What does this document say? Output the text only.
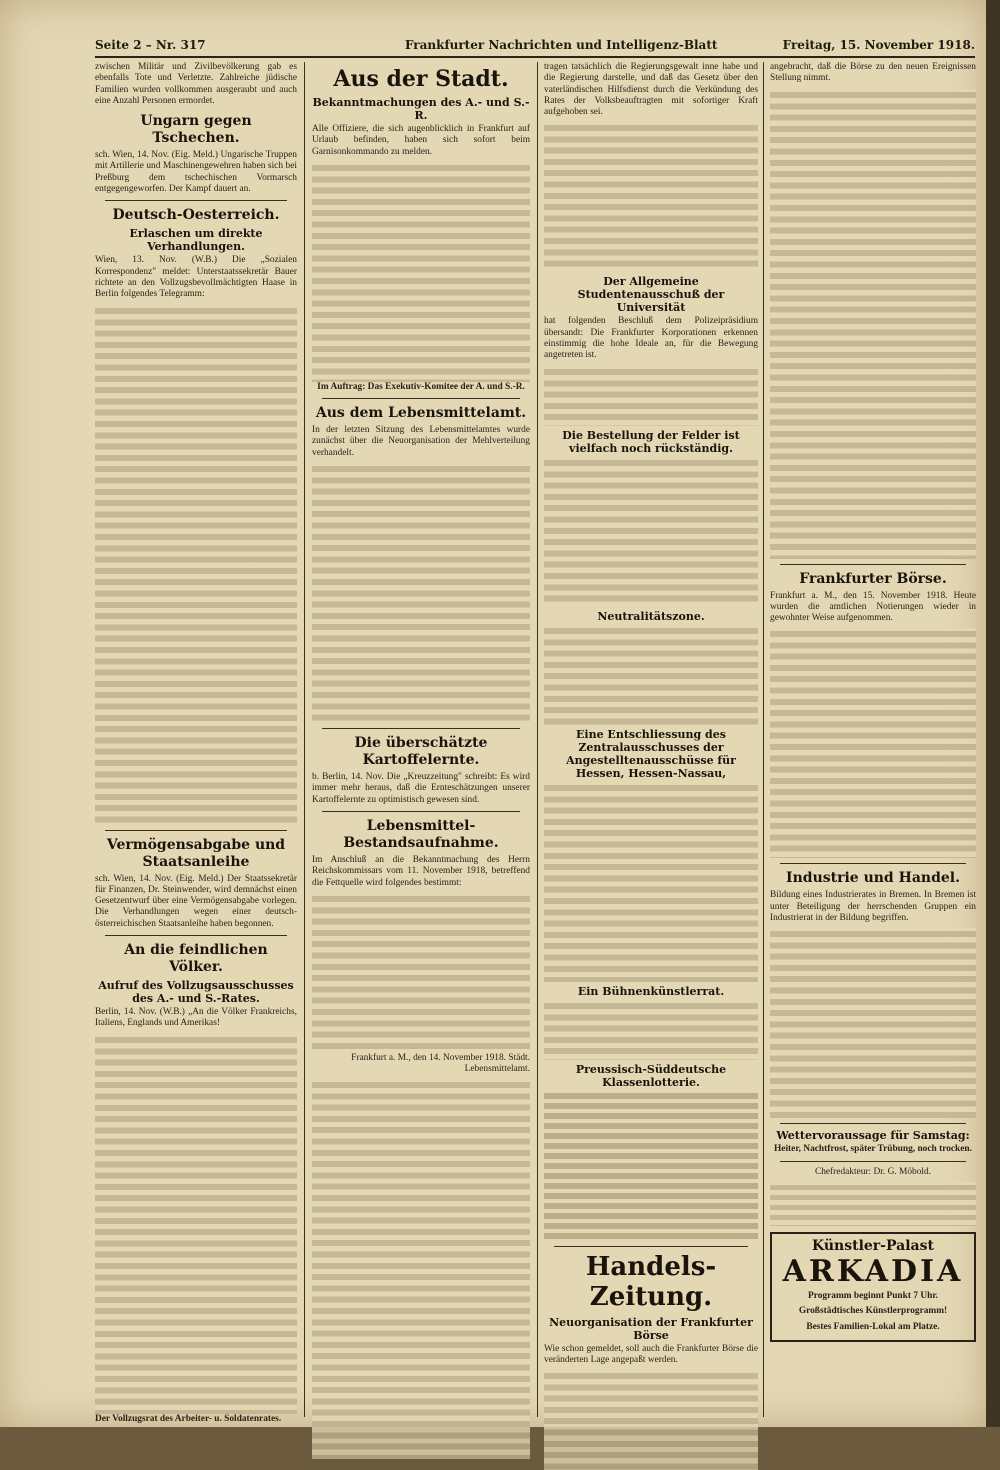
Seite 2 – Nr. 317	Frankfurter Nachrichten und Intelligenz-Blatt	Freitag, 15. November 1918.

zwischen Militär und Zivilbevölkerung gab es ebenfalls Tote und Verletzte. Zahlreiche jüdische Familien wurden vollkommen ausgeraubt und auch eine Anzahl Personen ermordet.

Ungarn gegen Tschechen.

sch. Wien, 14. Nov. (Eig. Meld.) Ungarische Truppen mit Artillerie und Maschinengewehren haben sich bei Preßburg dem tschechischen Vormarsch entgegengeworfen. Der Kampf dauert an.

Deutsch-Oesterreich.
Erlaschen um direkte Verhandlungen.

Wien, 13. Nov. (W.B.) Die „Sozialen Korrespondenz" meldet: Unterstaatssekretär Bauer richtete an den Vollzugsbevollmächtigten Haase in Berlin folgendes Telegramm:

Vermögensabgabe und Staatsanleihe

sch. Wien, 14. Nov. (Eig. Meld.) Der Staatssekretär für Finanzen, Dr. Steinwender, wird demnächst einen Gesetzentwurf über eine Vermögensabgabe vorlegen. Die Verhandlungen wegen einer deutsch-österreichischen Staatsanleihe haben begonnen.

An die feindlichen Völker.
Aufruf des Vollzugsausschusses des A.- und S.-Rates.

Berlin, 14. Nov. (W.B.) „An die Völker Frankreichs, Italiens, Englands und Amerikas!

Der Vollzugsrat des Arbeiter- u. Soldatenrates.

Aus der Stadt.
Bekanntmachungen des A.- und S.-R.

Alle Offiziere, die sich augenblicklich in Frankfurt auf Urlaub befinden, haben sich sofort beim Garnisonkommando zu melden.

Im Auftrag: Das Exekutiv-Komitee der A. und S.-R.

Aus dem Lebensmittelamt.

In der letzten Sitzung des Lebensmittelamtes wurde zunächst über die Neuorganisation der Mehlverteilung verhandelt.

Die überschätzte Kartoffelernte.

b. Berlin, 14. Nov. Die „Kreuzzeitung" schreibt: Es wird immer mehr heraus, daß die Ernteschätzungen unserer Kartoffelernte zu optimistisch gewesen sind.

Lebensmittel-Bestandsaufnahme.

Im Anschluß an die Bekanntmachung des Herrn Reichskommissars vom 11. November 1918, betreffend die Fettquelle wird folgendes bestimmt:

Frankfurt a. M., den 14. November 1918. Städt. Lebensmittelamt.

tragen tatsächlich die Regierungsgewalt inne habe und die Regierung darstelle, und daß das Gesetz über den vaterländischen Hilfsdienst durch die Verkündung des Rates der Volksbeauftragten mit sofortiger Kraft aufgehoben sei.

Der Allgemeine Studentenausschuß der Universität

hat folgenden Beschluß dem Polizeipräsidium übersandt: Die Frankfurter Korporationen erkennen einstimmig die hohe Ideale an, für die Bewegung angetreten ist.

Die Bestellung der Felder ist vielfach noch rückständig.
Neutralitätszone.
Eine Entschliessung des Zentralausschusses der Angestelltenausschüsse für Hessen, Hessen-Nassau,
Ein Bühnenkünstlerrat.
Preussisch-Süddeutsche Klassenlotterie.
Handels-Zeitung.
Neuorganisation der Frankfurter Börse

Wie schon gemeldet, soll auch die Frankfurter Börse die veränderten Lage angepaßt werden.

angebracht, daß die Börse zu den neuen Ereignissen Stellung nimmt.

Frankfurter Börse.

Frankfurt a. M., den 15. November 1918. Heute wurden die amtlichen Notierungen wieder in gewohnter Weise aufgenommen.

Industrie und Handel.

Bildung eines Industrierates in Bremen. In Bremen ist unter Beteiligung der herrschenden Gruppen ein Industrierat in der Bildung begriffen.

Wettervoraussage für Samstag:

Heiter, Nachtfrost, später Trübung, noch trocken.

Chefredakteur: Dr. G. Möbold.

Künstler-Palast
ARKADIA

Programm beginnt Punkt 7 Uhr.

Großstädtisches Künstlerprogramm!

Bestes Familien-Lokal am Platze.
